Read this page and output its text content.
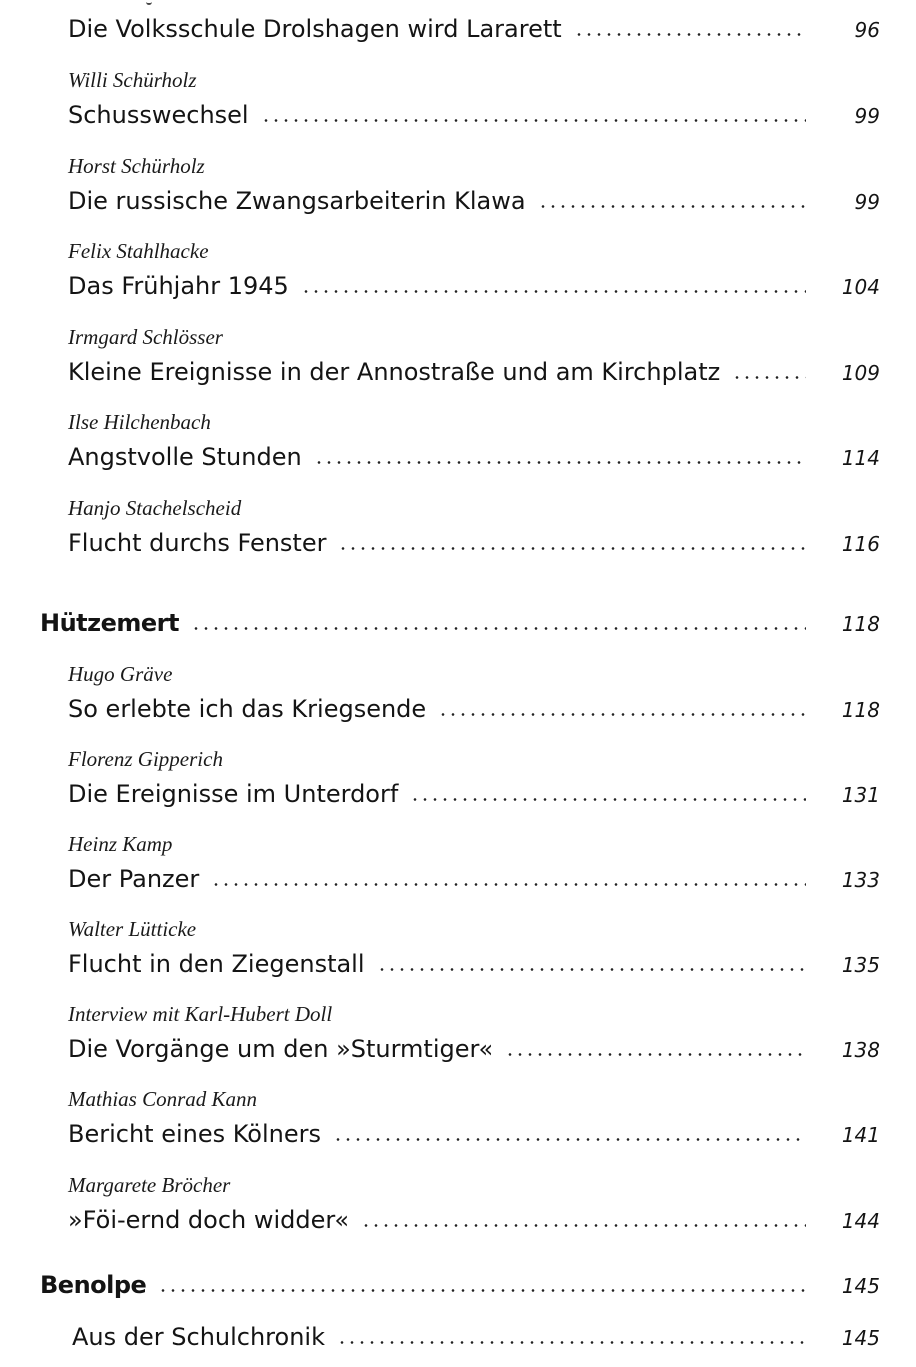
Die Volksschule Drolshagen wird Lararett	96
Willi Schürholz
Schusswechsel	99
Horst Schürholz
Die russische Zwangsarbeiterin Klawa	99
Felix Stahlhacke
Das Frühjahr 1945	104
Irmgard Schlösser
Kleine Ereignisse in der Annostraße und am Kirchplatz	109
Ilse Hilchenbach
Angstvolle Stunden	114
Hanjo Stachelscheid
Flucht durchs Fenster	116
Hützemert	118
Hugo Gräve
So erlebte ich das Kriegsende	118
Florenz Gipperich
Die Ereignisse im Unterdorf	131
Heinz Kamp
Der Panzer	133
Walter Lütticke
Flucht in den Ziegenstall	135
Interview mit Karl-Hubert Doll
Die Vorgänge um den »Sturmtiger«	138
Mathias Conrad Kann
Bericht eines Kölners	141
Margarete Bröcher
»Föi-ernd doch widder«	144
Benolpe	145
Aus der Schulchronik	145
